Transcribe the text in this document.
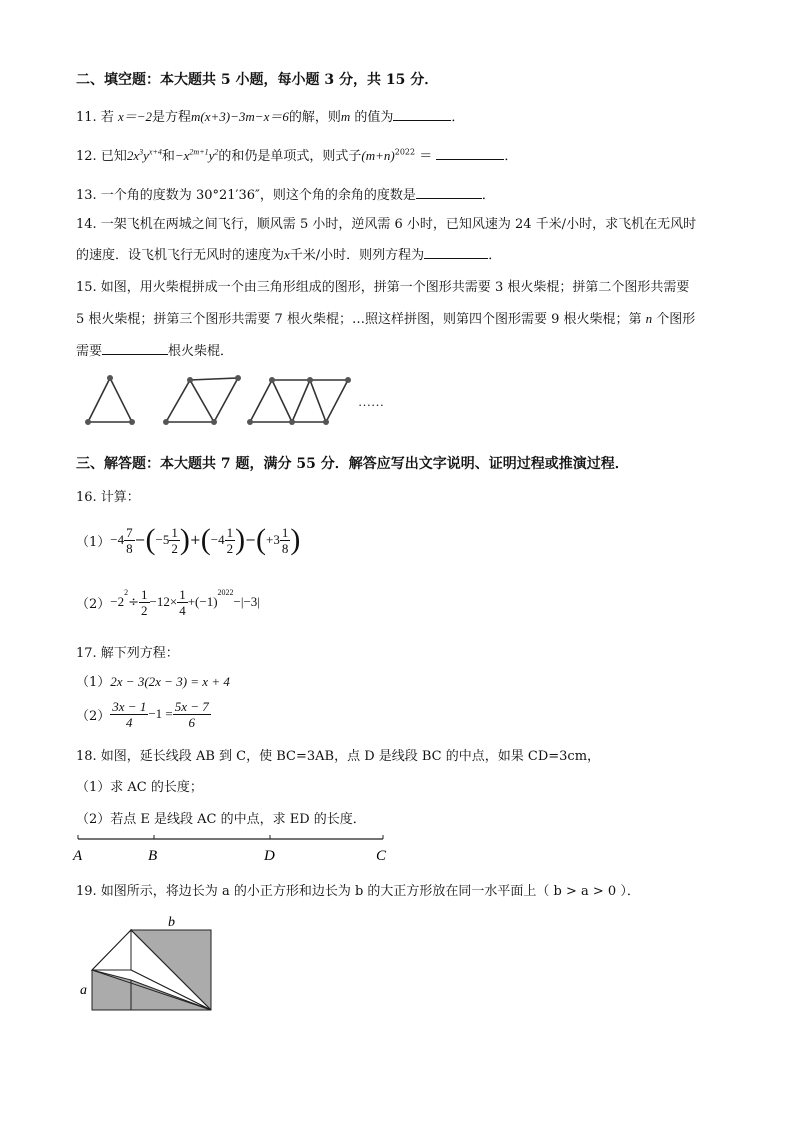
二、填空题：本大题共 5 小题，每小题 3 分，共 15 分．
11. 若 x＝−2是方程m(x+3)−3m−x＝6的解，则m 的值为	．
12. 已知$2x^3y^{x+4}$和$-x^{2m+1}y^2$的和仍是单项式，则式子$(m+n)^{2022}$ ＝	．
13. 一个角的度数为 30°21′36″，则这个角的余角的度数是	．
14. 一架飞机在两城之间飞行，顺风需 5 小时，逆风需 6 小时，已知风速为 24 千米/小时，求飞机在无风时
的速度．设飞机飞行无风时的速度为x千米/小时．则列方程为	．
15. 如图，用火柴棍拼成一个由三角形组成的图形，拼第一个图形共需要 3 根火柴棍；拼第二个图形共需要
5 根火柴棍；拼第三个图形共需要 7 根火柴棍；…照这样拼图，则第四个图形需要 9 根火柴棍；第 n 个图形
需要	根火柴棍．
……
三、解答题：本大题共 7 题，满分 55 分．解答应写出文字说明、证明过程或推演过程．
16. 计算：
$(1) -4 \frac{7}{8}$ − ( $-5 \frac{1}{2}$ ) + ( $-4 \frac{1}{2}$ ) − ( $+3 \frac{1}{8}$ )
（2） −2
$^2$
÷ $\frac{1}{2} -12\times \frac{1}{4} +(-1)$
$^{2022}$
−|−3|
17. 解下列方程：
（1）2x − 3(2x − 3) = x + 4
$(2) \frac{3x - 1}{4} -1 = \frac{5x - 7}{6}$
18. 如图，延长线段 AB 到 C，使 BC=3AB，点 D 是线段 BC 的中点，如果 CD=3cm，
（1）求 AC 的长度；
（2）若点 E 是线段 AC 的中点，求 ED 的长度．
A	B	D	C
19. 如图所示，将边长为 a 的小正方形和边长为 b 的大正方形放在同一水平面上（ b > a > 0 ）．
b
a
